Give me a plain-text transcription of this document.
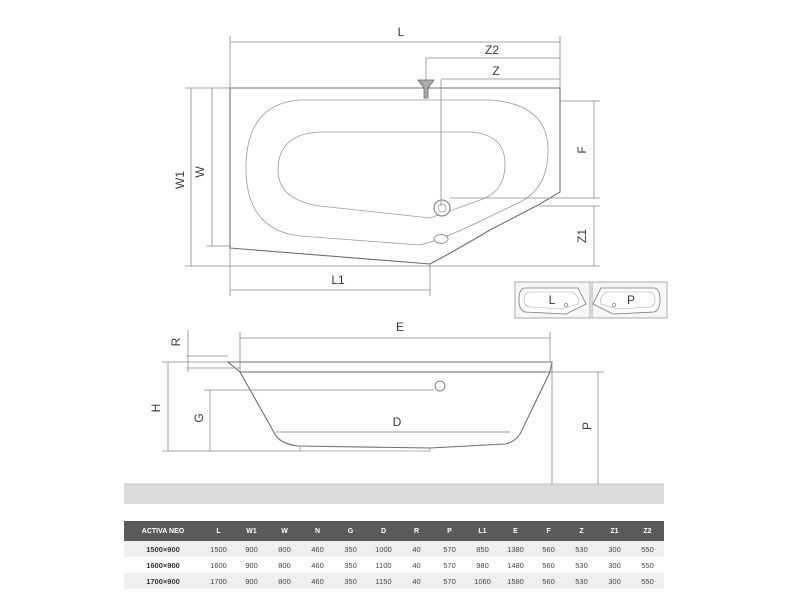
L
Z2
Z
F
Z1
W1 W
L1
L	P
E
R
H
G	D	P
ACTIVA NEO	L	W1	W	N	G	D	R	P	L1	E	F	Z	Z1	Z2
1500×900	1500	900	800	460	350	1000	40	570	850	1380	560	530	300	550
1600×900	1600	900	800	460	350	1100	40	570	980	1480	560	530	300	550
1700×900	1700	900	800	460	350	1150	40	570	1060	1580	560	530	300	550
